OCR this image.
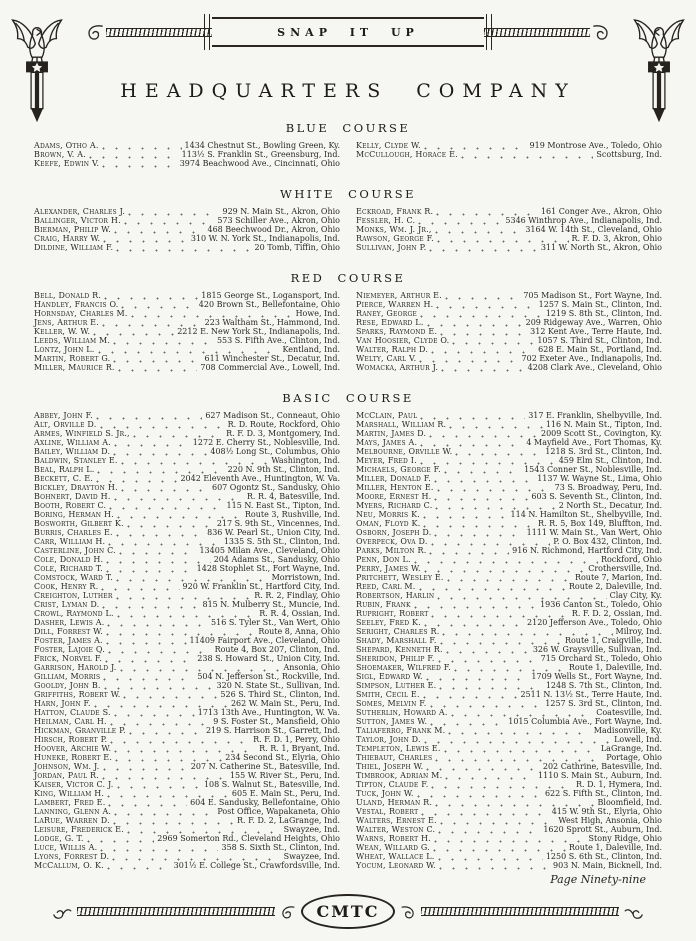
SNAP IT UP
HEADQUARTERS COMPANY
BLUE COURSE
Adams, Otho A.	1434 Chestnut St., Bowling Green, Ky.
Brown, V. A.	113½ S. Franklin St., Greensburg, Ind.
Keefe, Edwin V.	3974 Beachwood Ave., Cincinnati, Ohio
Kelly, Clyde W.	919 Montrose Ave., Toledo, Ohio
McCullough, Horace E.	Scottsburg, Ind.
WHITE COURSE
Alexander, Charles J.	929 N. Main St., Akron, Ohio
Ballinger, Victor H.	573 Schiller Ave., Akron, Ohio
Bierman, Philip W.	468 Beechwood Dr., Akron, Ohio
Craig, Harry W.	310 W. N. York St., Indianapolis, Ind.
Dildine, William F.	20 Tomb, Tiffin, Ohio
Eckroad, Frank R.	161 Conger Ave., Akron, Ohio
Fessler, H. C.	5346 Winthrop Ave., Indianapolis, Ind.
Monks, Wm. J. Jr.,	3164 W. 14th St., Cleveland, Ohio
Rawson, George F.	R. F. D. 3, Akron, Ohio
Sullivan, John P.	311 W. North St., Akron, Ohio
RED COURSE
Bell, Donald R.	1815 George St., Logansport, Ind.
Handley, Francis O.	420 Brown St., Bellefontaine, Ohio
Hornsday, Charles M.	Howe, Ind.
Jens, Arthur E.	223 Waltham St., Hammond, Ind.
Keller, W. W.	2212 E. New York St., Indianapolis, Ind.
Leeds, William M.	553 S. Fifth Ave., Clinton, Ind.
Lontz, John L.	Kentland, Ind.
Martin, Robert G.	611 Winchester St., Decatur, Ind.
Miller, Maurice R.	708 Commercial Ave., Lowell, Ind.
Niemeyer, Arthur E.	705 Madison St., Fort Wayne, Ind.
Pierce, Warren H.	1257 S. Main St., Clinton, Ind.
Raney, George	1219 S. 8th St., Clinton, Ind.
Rese, Edward L.	209 Ridgeway Ave., Warren, Ohio
Sparks, Raymond E.	312 Kent Ave., Terre Haute, Ind.
Van Hoosier, Clyde O.	1057 S. Third St., Clinton, Ind.
Walter, Ralph D.	628 E. Main St., Portland, Ind.
Welty, Carl V.	702 Exeter Ave., Indianapolis, Ind.
Womacka, Arthur J.	4208 Clark Ave., Cleveland, Ohio
BASIC COURSE
Abbey, John F.	627 Madison St., Conneaut, Ohio
Alt, Orville D.	R. D. Route, Rockford, Ohio
Armes, Winfield S. Jr.,	R. F. D. 3, Montgomery, Ind.
Axline, William A.	1272 E. Cherry St., Noblesville, Ind.
Bailey, William D.	408½ Long St., Columbus, Ohio
Baldwin, Stanley E.	Washington, Ind.
Beal, Ralph L.	220 N. 9th St., Clinton, Ind.
Beckett, C. E.	2042 Eleventh Ave., Huntington, W. Va.
Bickley, Drayton H.	607 Ogontz St., Sandusky, Ohio
Bohnert, David H.	R. R. 4, Batesville, Ind.
Booth, Robert C.	115 N. East St., Tipton, Ind.
Boring, Herman H.	Route 3, Rushville, Ind.
Bosworth, Gilbert K.	217 S. 9th St., Vincennes, Ind.
Burris, Charles E.	836 W. Pearl St., Union City, Ind.
Carr, William H.	1335 S. 5th St., Clinton, Ind.
Casterline, John C.	13405 Milan Ave., Cleveland, Ohio
Cole, Donald H.	204 Adams St., Sandusky, Ohio
Cole, Richard T.	1428 Stophlet St., Fort Wayne, Ind.
Comstock, Ward T.	Morristown, Ind.
Cook, Henry R.	920 W. Franklin St., Hartford City, Ind.
Creighton, Luther	R. R. 2, Findlay, Ohio
Crist, Lyman D.	815 N. Mulberry St., Muncie, Ind.
Crowl, Raymond L.	R. R. 4, Ossian, Ind.
Dasher, Lewis A.	516 S. Tyler St., Van Wert, Ohio
Dill, Forrest W.	Route 8, Anna, Ohio
Foster, James A.	11409 Fairport Ave., Cleveland, Ohio
Foster, Lajoie Q.	Route 4, Box 207, Clinton, Ind.
Frick, Norvel F.	238 S. Howard St., Union City, Ind.
Garrison, Harold J.	Ansonia, Ohio
Gilliam, Morris	504 N. Jefferson St., Rockville, Ind.
Gooldy, John B.	320 N. State St., Sullivan, Ind.
Griffiths, Robert W.	526 S. Third St., Clinton, Ind.
Harn, John F.	262 W. Main St., Peru, Ind.
Hatton, Claude S.	1713 13th Ave., Huntington, W. Va.
Heilman, Carl H.	9 S. Foster St., Mansfield, Ohio
Hickman, Granville P.	219 S. Harrison St., Garrett, Ind.
Hirsch, Robert P.	R. F. D. 1, Perry, Ohio
Hoover, Archie W.	R. R. 1, Bryant, Ind.
Huneke, Robert E.	234 Second St., Elyria, Ohio
Johnson, Wm. J.	207 N. Catherine St., Batesville, Ind.
Jordan, Paul R.	155 W. River St., Peru, Ind.
Kaiser, Victor C. J.	108 S. Walnut St., Batesville, Ind.
King, William H.	605 E. Main St., Peru, Ind.
Lambert, Fred E.	604 E. Sandusky, Bellefontaine, Ohio
Lanning, Glenn A.	Post Office, Wapakaneta, Ohio
LaRue, Warren D.	R. F. D. 2, LaGrange, Ind.
Leisure, Frederick E.	Swayzee, Ind.
Lodge, G. T.	2969 Somerton Rd., Cleveland Heights, Ohio
Luce, Willis A.	358 S. Sixth St., Clinton, Ind.
Lyons, Forrest D.	Swayzee, Ind.
McCallum, O. K.	301½ E. College St., Crawfordsville, Ind.
McClain, Paul	317 E. Franklin, Shelbyville, Ind.
Marshall, William R.	116 N. Main St., Tipton, Ind.
Martin, James D.	2009 Scott St., Covington, Ky.
Mays, James A.	4 Mayfield Ave., Fort Thomas, Ky.
Melbourne, Orville W.	1218 S. 3rd St., Clinton, Ind.
Meyer, Fred I.	459 Elm St., Clinton, Ind.
Michaels, George F.	1543 Conner St., Noblesville, Ind.
Miller, Donald F.	1137 W. Wayne St., Lima, Ohio
Miller, Henton E.	73 S. Broadway, Peru, Ind.
Moore, Ernest H.	603 S. Seventh St., Clinton, Ind.
Myers, Richard C.	2 North St., Decatur, Ind.
Neu, Morris K.	114 N. Hamilton St., Shelbyville, Ind.
Oman, Floyd K.	R. R. 5, Box 149, Bluffton, Ind.
Osborn, Joseph D.	1111 W. Main St., Van Wert, Ohio
Overpeck, Ova D.	P. O. Box 432, Clinton, Ind.
Parks, Milton R.	916 N. Richmond, Hartford City, Ind.
Penn, Don L.	Rockford, Ohio
Perry, James W.	Crothersville, Ind.
Pritchett, Wesley E.	Route 7, Marion, Ind.
Reed, Carl M.	Route 2, Daleville, Ind.
Robertson, Harlin	Clay City, Ky.
Rubin, Frank	1936 Canton St., Toledo, Ohio
Rupright, Robert	R. F. D. 2, Ossian, Ind.
Seeley, Fred K.	2120 Jefferson Ave., Toledo, Ohio
Seright, Charles R.	Milroy, Ind.
Shady, Marshall F.	Route 1, Craigville, Ind.
Shepard, Kenneth R.	326 W. Graysville, Sullivan, Ind.
Sheridon, Philip F.	715 Orchard St., Toledo, Ohio
Shoemaker, Wilfred F.	Route 1, Daleville, Ind.
Sigl, Edward W.	1709 Wells St., Fort Wayne, Ind.
Simpson, Luther E.	1248 S. 7th St., Clinton, Ind.
Smith, Cecil E.	2511 N. 13½ St., Terre Haute, Ind.
Somes, Melvin F.	1257 S. 3rd St., Clinton, Ind.
Sutherlin, Howard A.	Coatesville, Ind.
Sutton, James W.	1015 Columbia Ave., Fort Wayne, Ind.
Taliaferro, Frank M.	Madisonville, Ky.
Taylor, John D.	Lowell, Ind.
Templeton, Lewis E.	LaGrange, Ind.
Thiebaut, Charles	Portage, Ohio
Thiel, Joseph W.	202 Cathrine, Batesville, Ind.
Timbrook, Adrian M.	1110 S. Main St., Auburn, Ind.
Tipton, Claude F.	R. D. 1, Hymera, Ind.
Tuck, John W.	622 S. Fifth St., Clinton, Ind.
Uland, Herman R.	Bloomfield, Ind.
Vestal, Robert	415 W. 9th St., Elyria, Ohio
Walters, Ernest E.	West High, Ansonia, Ohio
Walter, Weston C.	1620 Sprott St., Auburn, Ind.
Warns, Robert H.	Stony Ridge, Ohio
Wean, Willard G.	Route 1, Daleville, Ind.
Wheat, Wallace L.	1250 S. 6th St., Clinton, Ind.
Yocum, Leonard W.	903 N. Main, Bicknell, Ind.
Page Ninety-nine
CMTC
